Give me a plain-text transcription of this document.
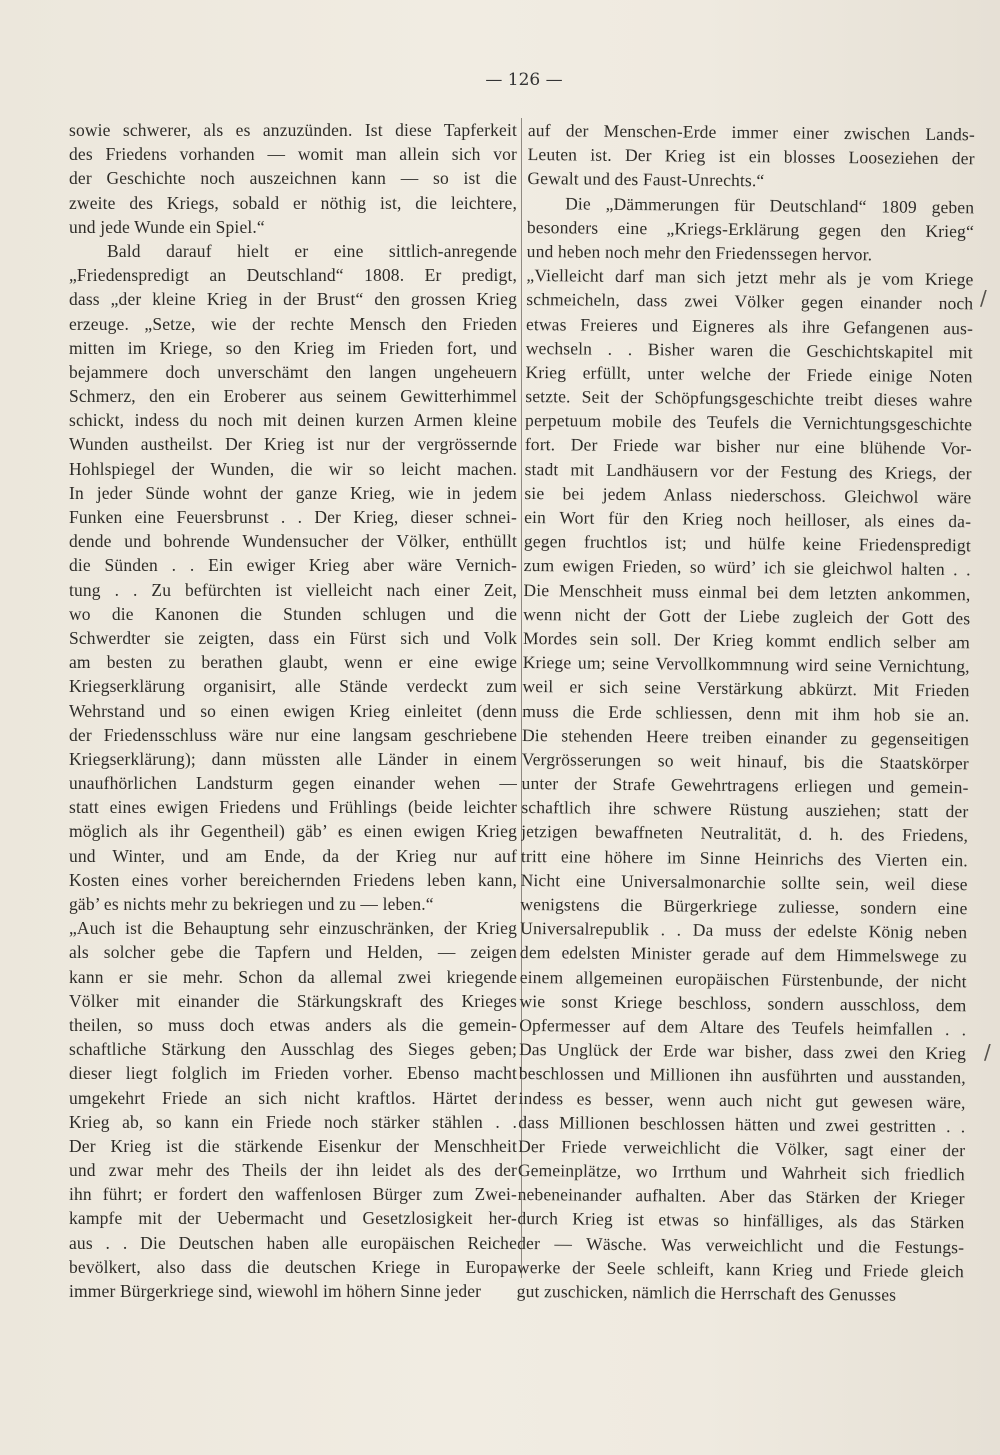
— 126 —
sowie schwerer, als es anzuzünden. Ist diese Tapferkeit
des Friedens vorhanden — womit man allein sich vor
der Geschichte noch auszeichnen kann — so ist die
zweite des Kriegs, sobald er nöthig ist, die leichtere,
und jede Wunde ein Spiel.“
Bald darauf hielt er eine sittlich-anregende
„Friedenspredigt an Deutschland“ 1808. Er predigt,
dass „der kleine Krieg in der Brust“ den grossen Krieg
erzeuge. „Setze, wie der rechte Mensch den Frieden
mitten im Kriege, so den Krieg im Frieden fort, und
bejammere doch unverschämt den langen ungeheuern
Schmerz, den ein Eroberer aus seinem Gewitterhimmel
schickt, indess du noch mit deinen kurzen Armen kleine
Wunden austheilst. Der Krieg ist nur der vergrössernde
Hohlspiegel der Wunden, die wir so leicht machen.
In jeder Sünde wohnt der ganze Krieg, wie in jedem
Funken eine Feuersbrunst . . Der Krieg, dieser schnei-
dende und bohrende Wundensucher der Völker, enthüllt
die Sünden . . Ein ewiger Krieg aber wäre Vernich-
tung . . Zu befürchten ist vielleicht nach einer Zeit,
wo die Kanonen die Stunden schlugen und die
Schwerdter sie zeigten, dass ein Fürst sich und Volk
am besten zu berathen glaubt, wenn er eine ewige
Kriegserklärung organisirt, alle Stände verdeckt zum
Wehrstand und so einen ewigen Krieg einleitet (denn
der Friedensschluss wäre nur eine langsam geschriebene
Kriegserklärung); dann müssten alle Länder in einem
unaufhörlichen Landsturm gegen einander wehen —
statt eines ewigen Friedens und Frühlings (beide leichter
möglich als ihr Gegentheil) gäb’ es einen ewigen Krieg
und Winter, und am Ende, da der Krieg nur auf
Kosten eines vorher bereichernden Friedens leben kann,
gäb’ es nichts mehr zu bekriegen und zu — leben.“
„Auch ist die Behauptung sehr einzuschränken, der Krieg
als solcher gebe die Tapfern und Helden, — zeigen
kann er sie mehr. Schon da allemal zwei kriegende
Völker mit einander die Stärkungskraft des Krieges
theilen, so muss doch etwas anders als die gemein-
schaftliche Stärkung den Ausschlag des Sieges geben;
dieser liegt folglich im Frieden vorher. Ebenso macht
umgekehrt Friede an sich nicht kraftlos. Härtet der
Krieg ab, so kann ein Friede noch stärker stählen . .
Der Krieg ist die stärkende Eisenkur der Menschheit
und zwar mehr des Theils der ihn leidet als des der
ihn führt; er fordert den waffenlosen Bürger zum Zwei-
kampfe mit der Uebermacht und Gesetzlosigkeit her-
aus . . Die Deutschen haben alle europäischen Reiche
bevölkert, also dass die deutschen Kriege in Europa
immer Bürgerkriege sind, wiewohl im höhern Sinne jeder
auf der Menschen-Erde immer einer zwischen Lands-
Leuten ist. Der Krieg ist ein blosses Looseziehen der
Gewalt und des Faust-Unrechts.“
Die „Dämmerungen für Deutschland“ 1809 geben
besonders eine „Kriegs-Erklärung gegen den Krieg“
und heben noch mehr den Friedenssegen hervor.
„Vielleicht darf man sich jetzt mehr als je vom Kriege
schmeicheln, dass zwei Völker gegen einander noch
etwas Freieres und Eigneres als ihre Gefangenen aus-
wechseln . . Bisher waren die Geschichtskapitel mit
Krieg erfüllt, unter welche der Friede einige Noten
setzte. Seit der Schöpfungsgeschichte treibt dieses wahre
perpetuum mobile des Teufels die Vernichtungsgeschichte
fort. Der Friede war bisher nur eine blühende Vor-
stadt mit Landhäusern vor der Festung des Kriegs, der
sie bei jedem Anlass niederschoss. Gleichwol wäre
ein Wort für den Krieg noch heilloser, als eines da-
gegen fruchtlos ist; und hülfe keine Friedenspredigt
zum ewigen Frieden, so würd’ ich sie gleichwol halten . .
Die Menschheit muss einmal bei dem letzten ankommen,
wenn nicht der Gott der Liebe zugleich der Gott des
Mordes sein soll. Der Krieg kommt endlich selber am
Kriege um; seine Vervollkommnung wird seine Vernichtung,
weil er sich seine Verstärkung abkürzt. Mit Frieden
muss die Erde schliessen, denn mit ihm hob sie an.
Die stehenden Heere treiben einander zu gegenseitigen
Vergrösserungen so weit hinauf, bis die Staatskörper
unter der Strafe Gewehrtragens erliegen und gemein-
schaftlich ihre schwere Rüstung ausziehen; statt der
jetzigen bewaffneten Neutralität, d. h. des Friedens,
tritt eine höhere im Sinne Heinrichs des Vierten ein.
Nicht eine Universalmonarchie sollte sein, weil diese
wenigstens die Bürgerkriege zuliesse, sondern eine
Universalrepublik . . Da muss der edelste König neben
dem edelsten Minister gerade auf dem Himmelswege zu
einem allgemeinen europäischen Fürstenbunde, der nicht
wie sonst Kriege beschloss, sondern ausschloss, dem
Opfermesser auf dem Altare des Teufels heimfallen . .
Das Unglück der Erde war bisher, dass zwei den Krieg
beschlossen und Millionen ihn ausführten und ausstanden,
indess es besser, wenn auch nicht gut gewesen wäre,
dass Millionen beschlossen hätten und zwei gestritten . .
Der Friede verweichlicht die Völker, sagt einer der
Gemeinplätze, wo Irrthum und Wahrheit sich friedlich
nebeneinander aufhalten. Aber das Stärken der Krieger
durch Krieg ist etwas so hinfälliges, als das Stärken
der — Wäsche. Was verweichlicht und die Festungs-
werke der Seele schleift, kann Krieg und Friede gleich
gut zuschicken, nämlich die Herrschaft des Genusses
/
/
